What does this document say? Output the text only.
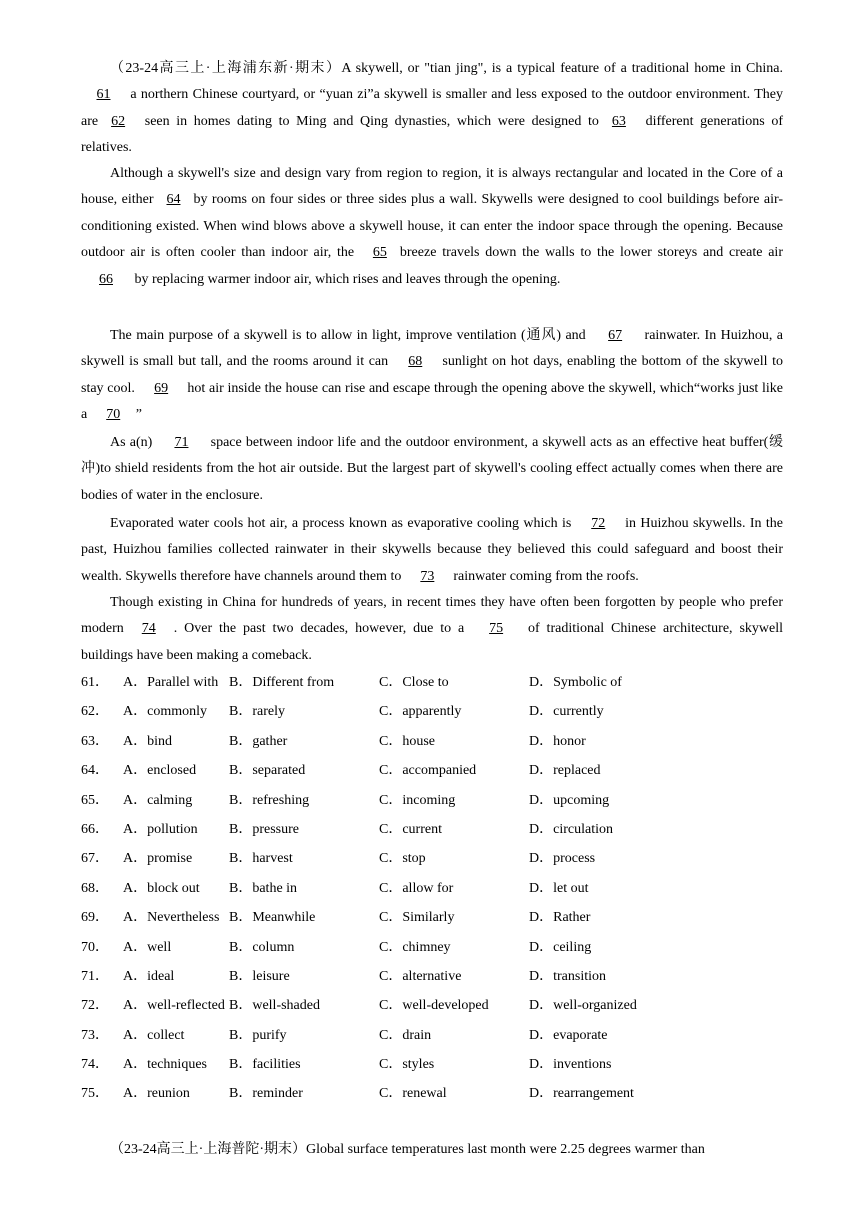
（23-24高三上·上海浦东新·期末）A skywell, or "tian jing", is a typical feature of a traditional home in China. 61 a northern Chinese courtyard, or “yuan zi”a skywell is smaller and less exposed to the outdoor environment. They are 62 seen in homes dating to Ming and Qing dynasties, which were designed to 63 different generations of relatives.

Although a skywell's size and design vary from region to region, it is always rectangular and located in the Core of a house, either 64 by rooms on four sides or three sides plus a wall. Skywells were designed to cool buildings before air-conditioning existed. When wind blows above a skywell house, it can enter the indoor space through the opening. Because outdoor air is often cooler than indoor air, the 65 breeze travels down the walls to the lower storeys and create air 66 by replacing warmer indoor air, which rises and leaves through the opening.

The main purpose of a skywell is to allow in light, improve ventilation (通风) and 67 rainwater. In Huizhou, a skywell is small but tall, and the rooms around it can 68 sunlight on hot days, enabling the bottom of the skywell to stay cool. 69 hot air inside the house can rise and escape through the opening above the skywell, which“works just like a 70 ”

As a(n) 71 space between indoor life and the outdoor environment, a skywell acts as an effective heat buffer(缓冲)to shield residents from the hot air outside. But the largest part of skywell's cooling effect actually comes when there are bodies of water in the enclosure.

Evaporated water cools hot air, a process known as evaporative cooling which is 72 in Huizhou skywells. In the past, Huizhou families collected rainwater in their skywells because they believed this could safeguard and boost their wealth. Skywells therefore have channels around them to 73 rainwater coming from the roofs.

Though existing in China for hundreds of years, in recent times they have often been forgotten by people who prefer modern 74 . Over the past two decades, however, due to a 75 of traditional Chinese architecture, skywell buildings have been making a comeback.

61．	A．Parallel with B．Different from	C．Close to	D．Symbolic of
62．	A．commonly	B．rarely	C．apparently	D．currently
63．	A．bind	B．gather	C．house	D．honor
64．	A．enclosed	B．separated	C．accompanied	D．replaced
65．	A．calming	B．refreshing	C．incoming	D．upcoming
66．	A．pollution	B．pressure	C．current	D．circulation
67．	A．promise	B．harvest	C．stop	D．process
68．	A．block out	B．bathe in	C．allow for	D．let out
69．	A．Nevertheless B．Meanwhile	C．Similarly	D．Rather
70．	A．well	B．column	C．chimney	D．ceiling
71．	A．ideal	B．leisure	C．alternative	D．transition
72．	A．well-reflected B．well-shaded	C．well-developed	D．well-organized
73．	A．collect	B．purify	C．drain	D．evaporate
74．	A．techniques	B．facilities	C．styles	D．inventions
75．	A．reunion	B．reminder	C．renewal	D．rearrangement

（23-24高三上·上海普陀·期末）Global surface temperatures last month were 2.25 degrees warmer than
